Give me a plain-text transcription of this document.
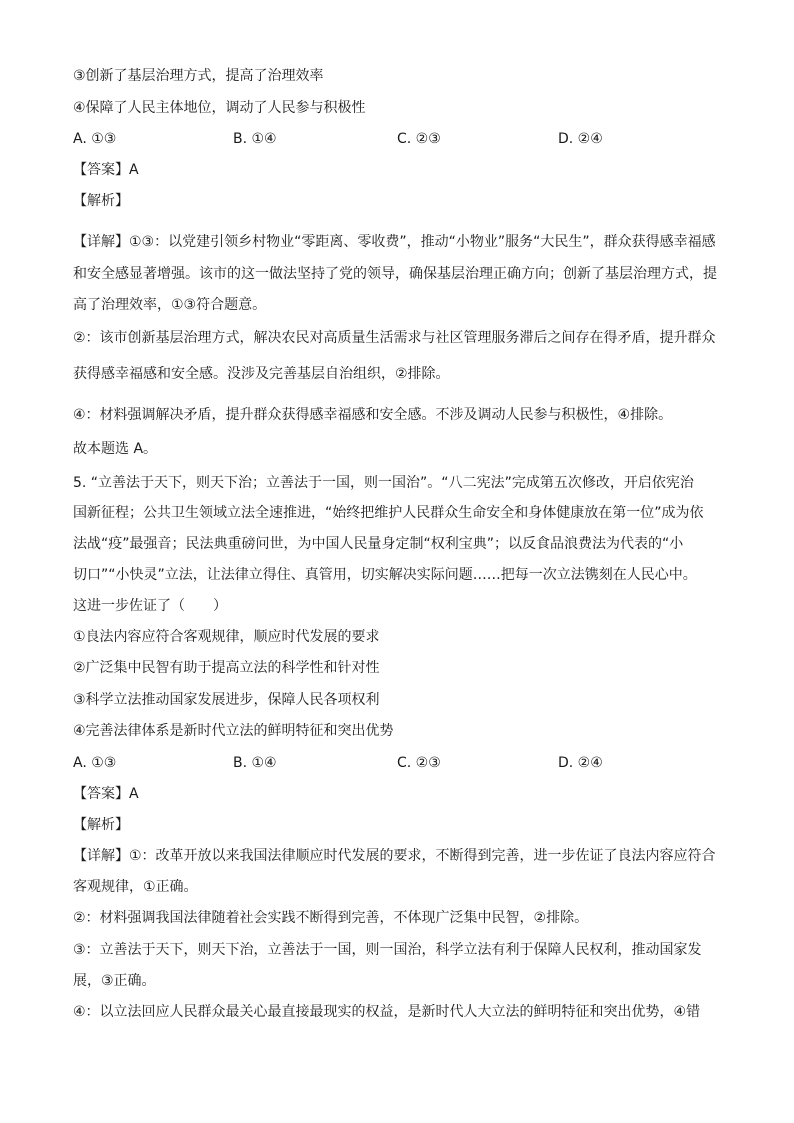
③创新了基层治理方式，提高了治理效率
④保障了人民主体地位，调动了人民参与积极性
A. ①③	B. ①④	C. ②③	D. ②④
【答案】A
【解析】
【详解】①③：以党建引领乡村物业“零距离、零收费”，推动“小物业”服务“大民生”，群众获得感幸福感
和安全感显著增强。该市的这一做法坚持了党的领导，确保基层治理正确方向；创新了基层治理方式，提
高了治理效率，①③符合题意。
②：该市创新基层治理方式，解决农民对高质量生活需求与社区管理服务滞后之间存在得矛盾，提升群众
获得感幸福感和安全感。没涉及完善基层自治组织，②排除。
④：材料强调解决矛盾，提升群众获得感幸福感和安全感。不涉及调动人民参与积极性，④排除。
故本题选 A。
5. “立善法于天下，则天下治；立善法于一国，则一国治”。“八二宪法”完成第五次修改，开启依宪治
国新征程；公共卫生领域立法全速推进，“始终把维护人民群众生命安全和身体健康放在第一位”成为依
法战“疫”最强音；民法典重磅问世，为中国人民量身定制“权利宝典”；以反食品浪费法为代表的“小
切口”“小快灵”立法，让法律立得住、真管用，切实解决实际问题……把每一次立法镌刻在人民心中。
这进一步佐证了（　　）
①良法内容应符合客观规律，顺应时代发展的要求
②广泛集中民智有助于提高立法的科学性和针对性
③科学立法推动国家发展进步，保障人民各项权利
④完善法律体系是新时代立法的鲜明特征和突出优势
A. ①③	B. ①④	C. ②③	D. ②④
【答案】A
【解析】
【详解】①：改革开放以来我国法律顺应时代发展的要求，不断得到完善，进一步佐证了良法内容应符合
客观规律，①正确。
②：材料强调我国法律随着社会实践不断得到完善，不体现广泛集中民智，②排除。
③：立善法于天下，则天下治，立善法于一国，则一国治，科学立法有利于保障人民权利，推动国家发
展，③正确。
④：以立法回应人民群众最关心最直接最现实的权益，是新时代人大立法的鲜明特征和突出优势，④错
